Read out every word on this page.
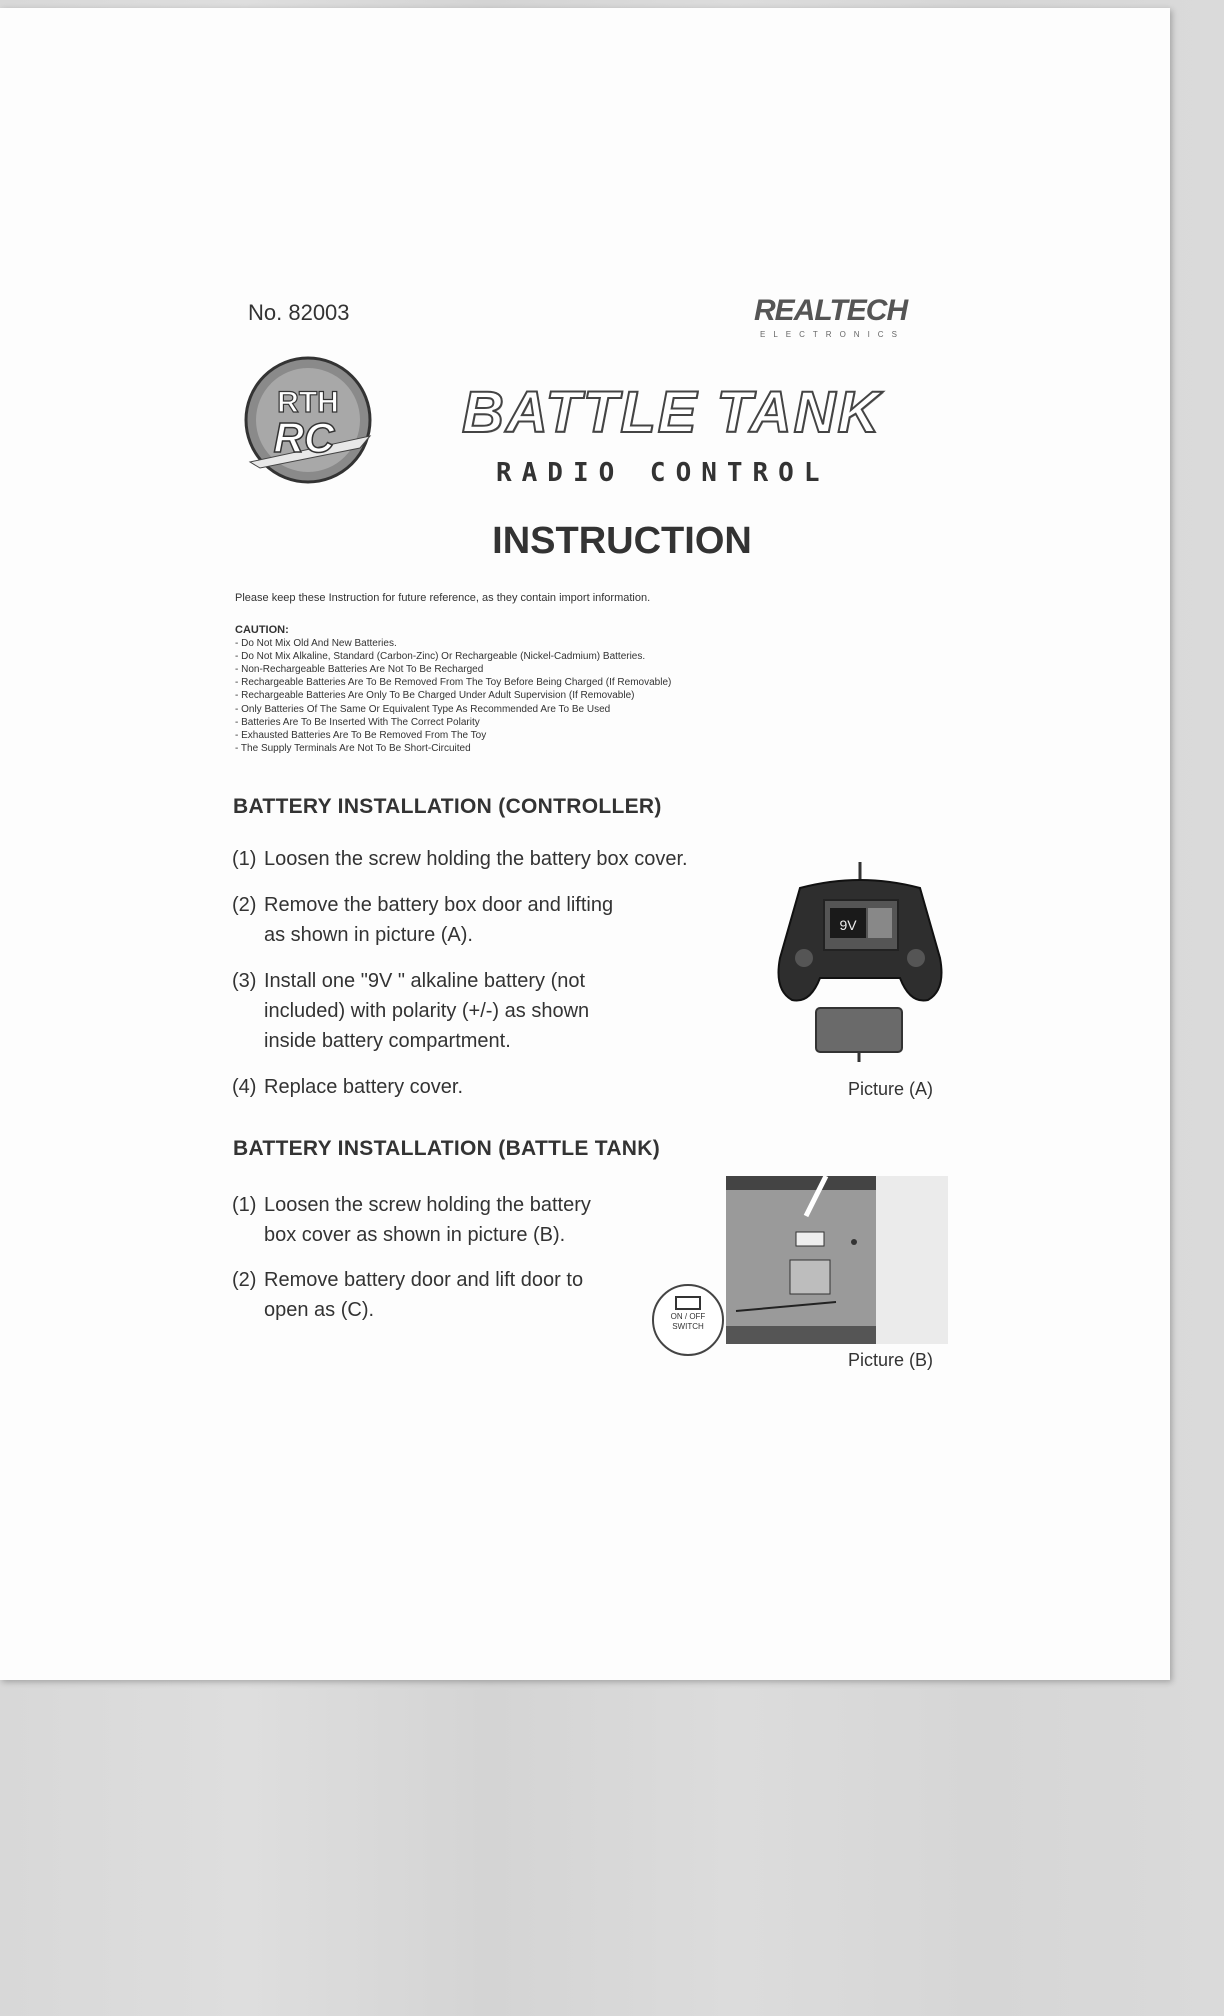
No. 82003	REALTECH
ELECTRONICS
RTH
RC BATTLE TANK
RADIO CONTROL
INSTRUCTION
Please keep these Instruction for future reference, as they contain import information.
CAUTION:
- Do Not Mix Old And New Batteries.
- Do Not Mix Alkaline, Standard (Carbon-Zinc) Or Rechargeable (Nickel-Cadmium) Batteries.
- Non-Rechargeable Batteries Are Not To Be Recharged
- Rechargeable Batteries Are To Be Removed From The Toy Before Being Charged (If Removable)
- Rechargeable Batteries Are Only To Be Charged Under Adult Supervision (If Removable)
- Only Batteries Of The Same Or Equivalent Type As Recommended Are To Be Used
- Batteries Are To Be Inserted With The Correct Polarity
- Exhausted Batteries Are To Be Removed From The Toy
- The Supply Terminals Are Not To Be Short-Circuited
BATTERY INSTALLATION (CONTROLLER)
(1) Loosen the screw holding the battery box cover.
(2) Remove the battery box door and lifting
as shown in picture (A).
(3) Install one "9V " alkaline battery (not
included) with polarity (+/-) as shown
inside battery compartment.
(4) Replace battery cover.
9V
Picture (A)
BATTERY INSTALLATION (BATTLE TANK)
(1) Loosen the screw holding the battery
box cover as shown in picture (B).
(2) Remove battery door and lift door to
open as (C).	ON / OFF
SWITCH
Picture (B)
